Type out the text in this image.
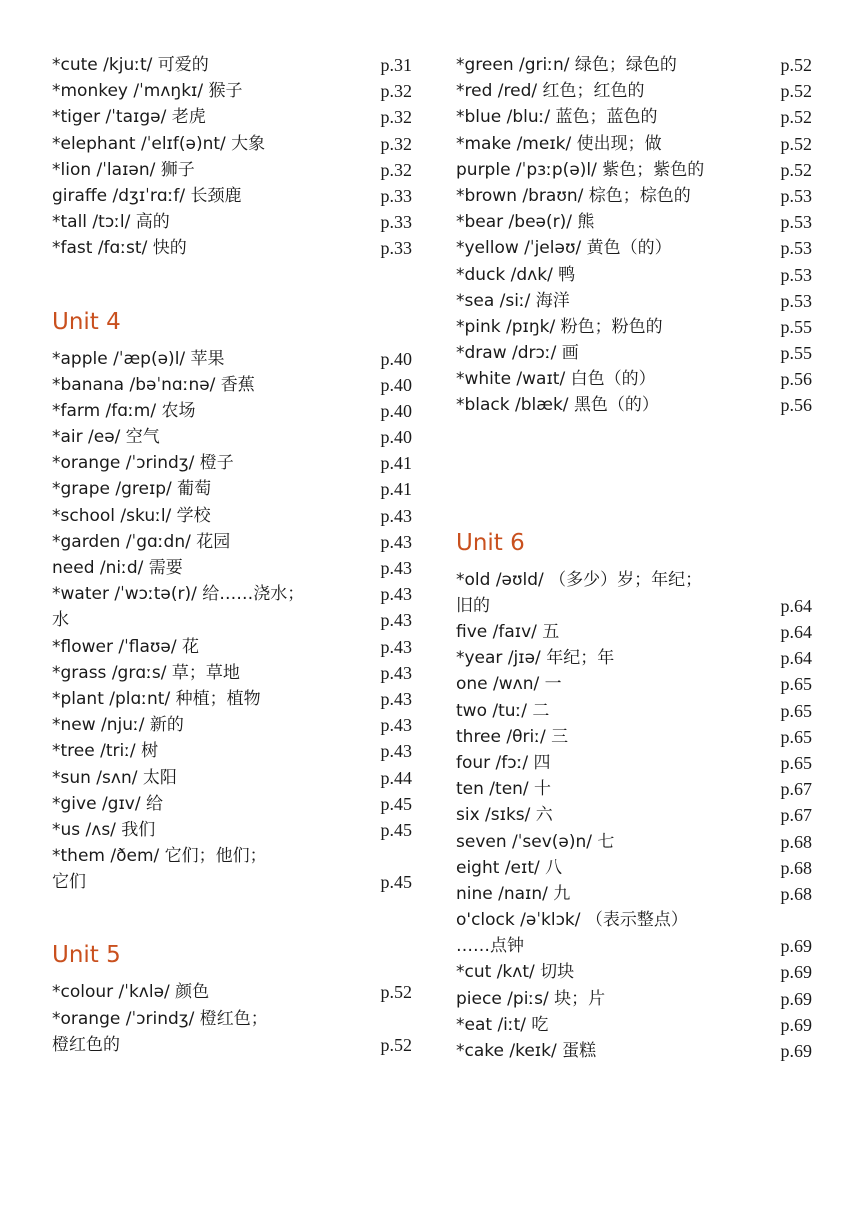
*cute /kjuːt/ 可爱的	p.31
*monkey /ˈmʌŋkɪ/ 猴子	p.32
*tiger /ˈtaɪgə/ 老虎	p.32
*elephant /ˈelɪf(ə)nt/ 大象	p.32
*lion /ˈlaɪən/ 狮子	p.32
giraffe /dʒɪˈrɑːf/ 长颈鹿	p.33
*tall /tɔːl/ 高的	p.33
*fast /fɑːst/ 快的	p.33
Unit 4
*apple /ˈæp(ə)l/ 苹果	p.40
*banana /bəˈnɑːnə/ 香蕉	p.40
*farm /fɑːm/ 农场	p.40
*air /eə/ 空气	p.40
*orange /ˈɔrindʒ/ 橙子	p.41
*grape /greɪp/ 葡萄	p.41
*school /skuːl/ 学校	p.43
*garden /ˈgɑːdn/ 花园	p.43
need /niːd/ 需要	p.43
*water /ˈwɔːtə(r)/ 给……浇水；	p.43
水	p.43
*flower /ˈflaʊə/ 花	p.43
*grass /grɑːs/ 草；草地	p.43
*plant /plɑːnt/ 种植；植物	p.43
*new /njuː/ 新的	p.43
*tree /triː/ 树	p.43
*sun /sʌn/ 太阳	p.44
*give /gɪv/ 给	p.45
*us /ʌs/ 我们	p.45
*them /ðem/ 它们；他们；
它们	p.45
Unit 5
*colour /ˈkʌlə/ 颜色	p.52
*orange /ˈɔrindʒ/ 橙红色；
橙红色的	p.52
*green /griːn/ 绿色；绿色的	p.52
*red /red/ 红色；红色的	p.52
*blue /bluː/ 蓝色；蓝色的	p.52
*make /meɪk/ 使出现；做	p.52
purple /ˈpɜːp(ə)l/ 紫色；紫色的	p.52
*brown /braʊn/ 棕色；棕色的	p.53
*bear /beə(r)/ 熊	p.53
*yellow /ˈjeləʊ/ 黄色（的）	p.53
*duck /dʌk/ 鸭	p.53
*sea /siː/ 海洋	p.53
*pink /pɪŋk/ 粉色；粉色的	p.55
*draw /drɔː/ 画	p.55
*white /waɪt/ 白色（的）	p.56
*black /blæk/ 黑色（的）	p.56
Unit 6
*old /əʊld/ （多少）岁；年纪；
旧的	p.64
five /faɪv/ 五	p.64
*year /jɪə/ 年纪；年	p.64
one /wʌn/ 一	p.65
two /tuː/ 二	p.65
three /θriː/ 三	p.65
four /fɔː/ 四	p.65
ten /ten/ 十	p.67
six /sɪks/ 六	p.67
seven /ˈsev(ə)n/ 七	p.68
eight /eɪt/ 八	p.68
nine /naɪn/ 九	p.68
o'clock /əˈklɔk/ （表示整点）
……点钟	p.69
*cut /kʌt/ 切块	p.69
piece /piːs/ 块；片	p.69
*eat /iːt/ 吃	p.69
*cake /keɪk/ 蛋糕	p.69
